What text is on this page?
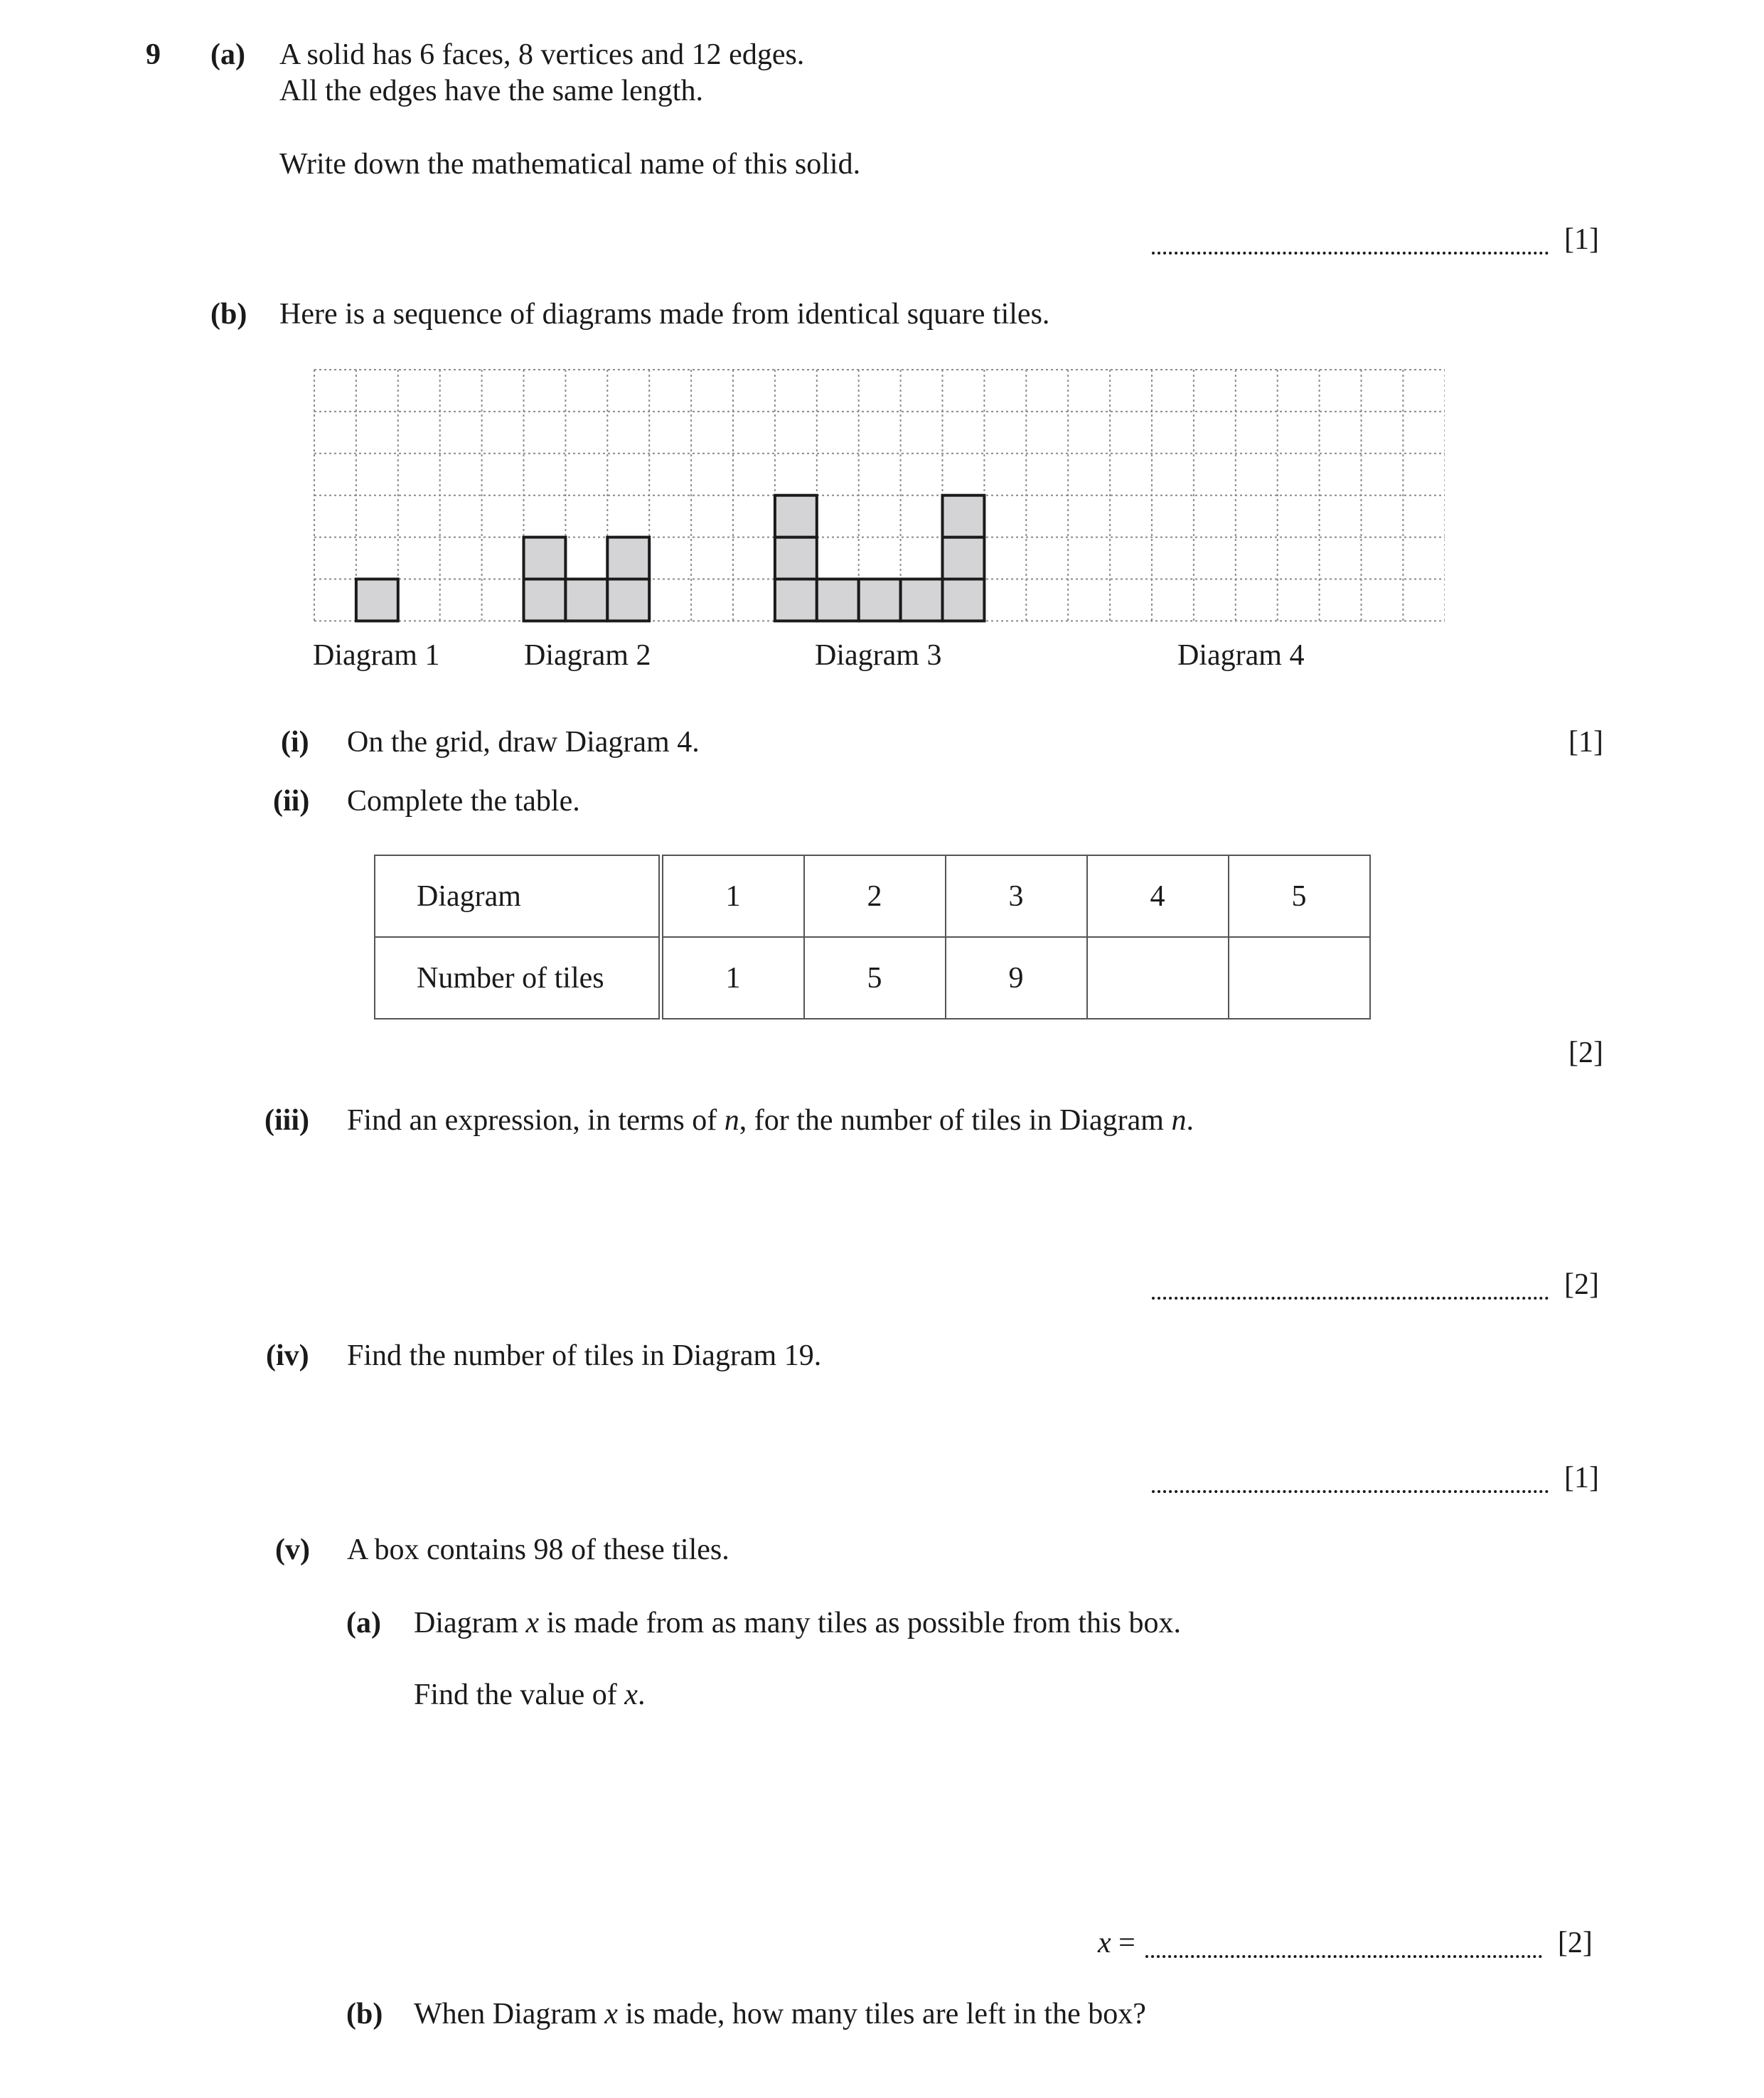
9 (a) A solid has 6 faces, 8 vertices and 12 edges.
All the edges have the same length.
Write down the mathematical name of this solid.
[1]
(b) Here is a sequence of diagrams made from identical square tiles.
Diagram 1	Diagram 2	Diagram 3	Diagram 4
(i) On the grid, draw Diagram 4.	[1]
(ii) Complete the table.
Diagram	1	2	3	4	5
Number of tiles	1	5	9		
[2]
(iii) Find an expression, in terms of n, for the number of tiles in Diagram n.
[2]
(iv) Find the number of tiles in Diagram 19.
[1]
(v) A box contains 98 of these tiles.
(a) Diagram x is made from as many tiles as possible from this box.
Find the value of x.
x =	[2]
(b) When Diagram x is made, how many tiles are left in the box?
